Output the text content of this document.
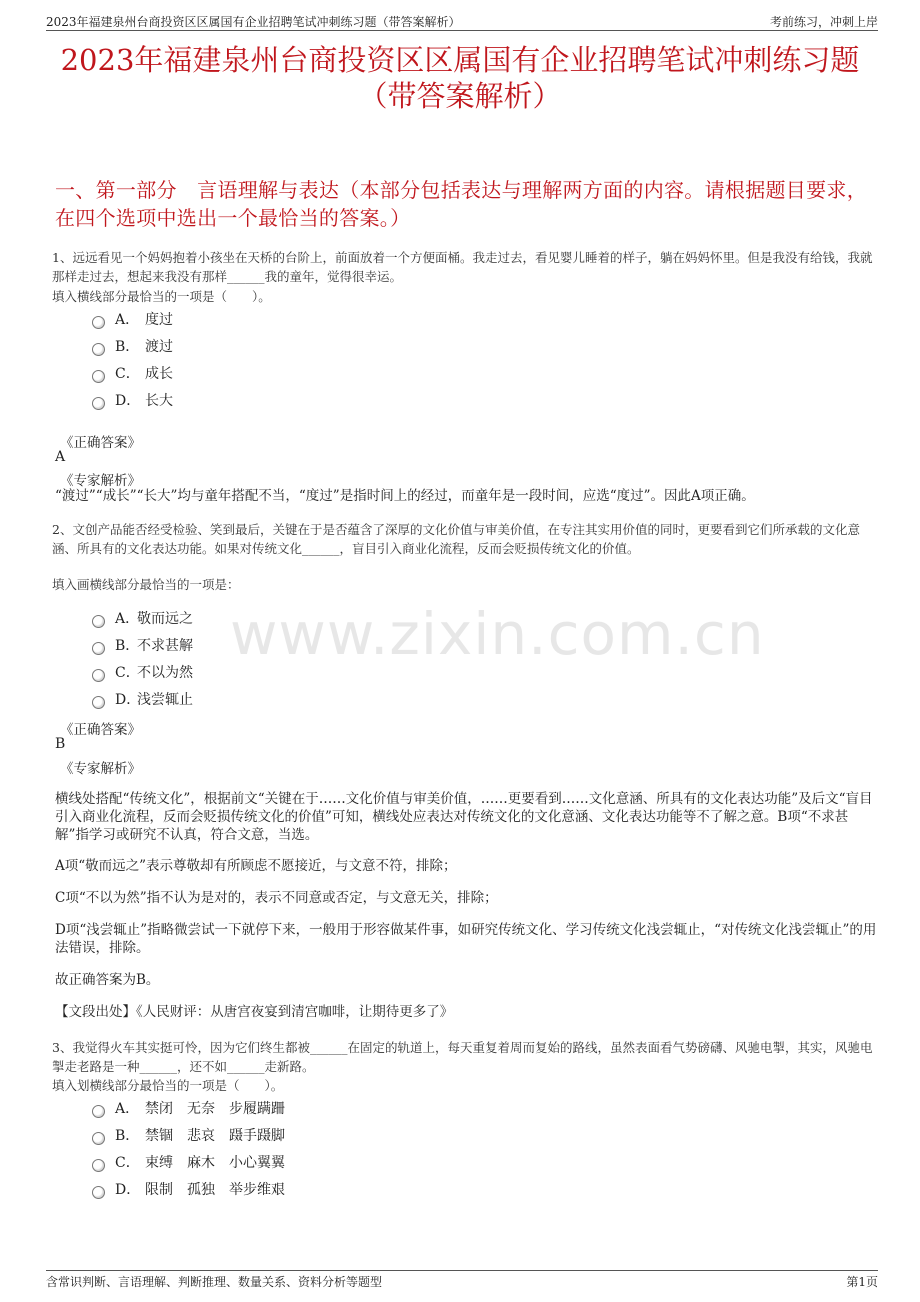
2023年福建泉州台商投资区区属国有企业招聘笔试冲刺练习题（带答案解析）	考前练习，冲刺上岸
2023年福建泉州台商投资区区属国有企业招聘笔试冲刺练习题
（带答案解析）
一、第一部分　言语理解与表达（本部分包括表达与理解两方面的内容。请根据题目要求，在四个选项中选出一个最恰当的答案。）
www.zixin.com.cn
1、远远看见一个妈妈抱着小孩坐在天桥的台阶上，前面放着一个方便面桶。我走过去，看见婴儿睡着的样子，躺在妈妈怀里。但是我没有给钱，我就那样走过去，想起来我没有那样______我的童年，觉得很幸运。
填入横线部分最恰当的一项是（　　）。
A． 度过
B． 渡过
C． 成长
D． 长大
《正确答案》
A
《专家解析》
“渡过”“成长”“长大”均与童年搭配不当，“度过”是指时间上的经过，而童年是一段时间，应选“度过”。因此A项正确。
2、文创产品能否经受检验、笑到最后，关键在于是否蕴含了深厚的文化价值与审美价值，在专注其实用价值的同时，更要看到它们所承载的文化意涵、所具有的文化表达功能。如果对传统文化______，盲目引入商业化流程，反而会贬损传统文化的价值。
填入画横线部分最恰当的一项是：
A．
敬而远之
B．
不求甚解
C．
不以为然
D．
浅尝辄止
《正确答案》
B
《专家解析》
横线处搭配“传统文化”，根据前文“关键在于……文化价值与审美价值，……更要看到……文化意涵、所具有的文化表达功能”及后文“盲目引入商业化流程，反而会贬损传统文化的价值”可知，横线处应表达对传统文化的文化意涵、文化表达功能等不了解之意。B项“不求甚解”指学习或研究不认真，符合文意，当选。
A项“敬而远之”表示尊敬却有所顾虑不愿接近，与文意不符，排除；
C项“不以为然”指不认为是对的，表示不同意或否定，与文意无关，排除；
D项“浅尝辄止”指略微尝试一下就停下来，一般用于形容做某件事，如研究传统文化、学习传统文化浅尝辄止，“对传统文化浅尝辄止”的用法错误，排除。
故正确答案为B。
【文段出处】《人民财评：从唐宫夜宴到清宫咖啡，让期待更多了》
3、我觉得火车其实挺可怜，因为它们终生都被______在固定的轨道上，每天重复着周而复始的路线，虽然表面看气势磅礴、风驰电掣，其实，风驰电掣走老路是一种______，还不如______走新路。
填入划横线部分最恰当的一项是（　　）。
A． 禁闭　无奈　步履蹒跚
B． 禁锢　悲哀　蹑手蹑脚
C． 束缚　麻木　小心翼翼
D． 限制　孤独　举步维艰
含常识判断、言语理解、判断推理、数量关系、资料分析等题型	第1页
